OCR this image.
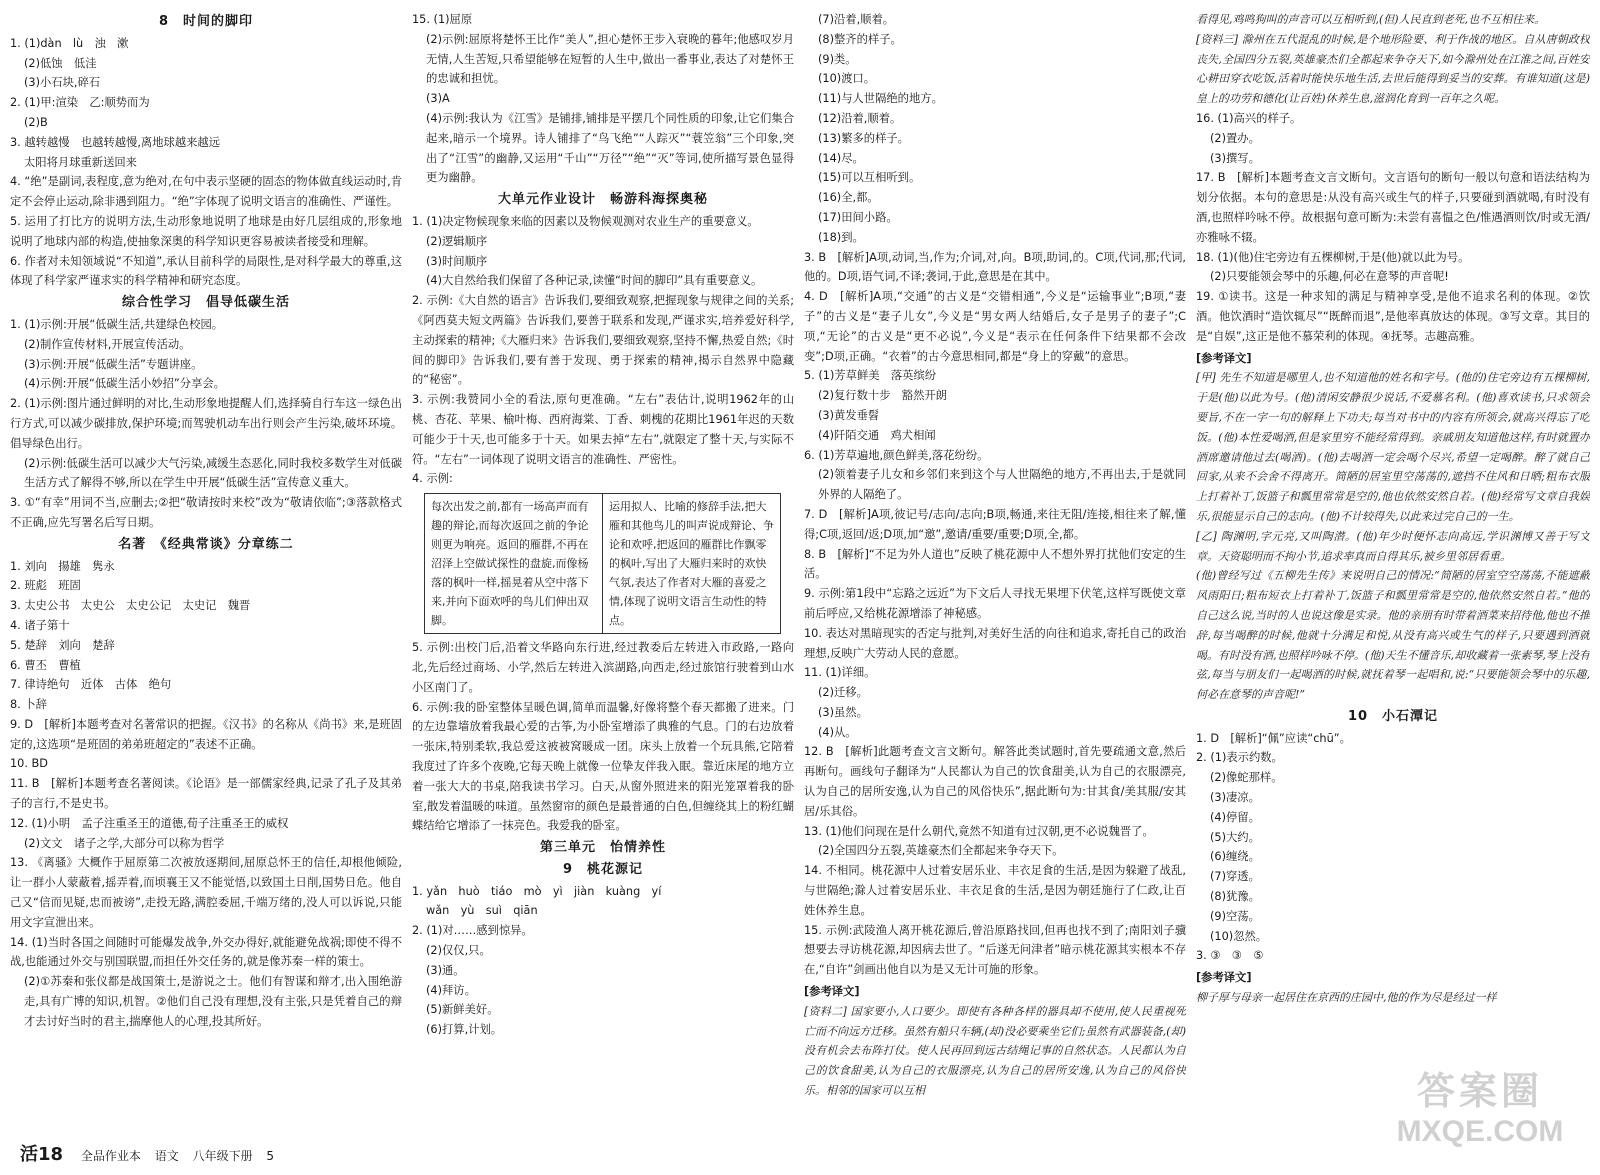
8　时间的脚印

1. (1)dàn　lù　浊　漱

(2)低蚀　低洼

(3)小石块,碎石

2. (1)甲:渲染　乙:顺势而为

(2)B

3. 越转越慢　也越转越慢,离地球越来越远

太阳将月球重新送回来

4. “绝”是副词,表程度,意为绝对,在句中表示坚硬的固态的物体做直线运动时,肯定不会停止运动,除非遇到阻力。“绝”字体现了说明文语言的准确性、严谨性。

5. 运用了打比方的说明方法,生动形象地说明了地球是由好几层组成的,形象地说明了地球内部的构造,使抽象深奥的科学知识更容易被读者接受和理解。

6. 作者对未知领域说“不知道”,承认目前科学的局限性,是对科学最大的尊重,这体现了科学家严谨求实的科学精神和研究态度。

综合性学习　倡导低碳生活

1. (1)示例:开展“低碳生活,共建绿色校园。

(2)制作宣传材料,开展宣传活动。

(3)示例:开展“低碳生活”专题讲座。

(4)示例:开展“低碳生活小妙招”分享会。

2. (1)示例:图片通过鲜明的对比,生动形象地提醒人们,选择骑自行车这一绿色出行方式,可以减少碳排放,保护环境;而驾驶机动车出行则会产生污染,破坏环境。倡导绿色出行。

(2)示例:低碳生活可以减少大气污染,减缓生态恶化,同时我校多数学生对低碳生活方式了解得不够,所以在学生中开展“低碳生活”宣传意义重大。

3. ①“有幸”用词不当,应删去;②把“敬请按时来校”改为“敬请依临”;③落款格式不正确,应先写署名后写日期。

名著　《经典常谈》分章练二

1. 刘向　揚雄　隽永

2. 班彪　班固

3. 太史公书　太史公　太史公记　太史记　魏晋

4. 诸子第十

5. 楚辞　刘向　楚辞

6. 曹丕　曹植

7. 律诗绝句　近体　古体　绝句

8. 卜辞

9. D　[解析]本题考查对名著常识的把握。《汉书》的名称从《尚书》来,是班固定的,这选项“是班固的弟弟班超定的”表述不正确。

10. BD

11. B　[解析]本题考查名著阅读。《论语》是一部儒家经典,记录了孔子及其弟子的言行,不是史书。

12. (1)小明　孟子注重圣王的道德,荀子注重圣王的威权

(2)文文　诸子之学,大部分可以称为哲学

13. 《离骚》大概作于屈原第二次被放逐期间,屈原总怀王的信任,却根他倾险,让一群小人蒙蔽着,摇弄着,而顷襄王又不能觉悟,以致国土日削,国势日危。他自己又“信而见疑,忠而被谤”,走投无路,满腔委屈,千端万绪的,没人可以诉说,只能用文字宣泄出来。

14. (1)当时各国之间随时可能爆发战争,外交办得好,就能避免战祸;即使不得不战,也能通过外交与别国联盟,而担任外交任务的,就是像苏秦一样的策士。

(2)①苏秦和张仪都是战国策士,是游说之士。他们有智谋和辩才,出入围绝游走,具有广博的知识,机智。②他们自己没有理想,没有主张,只是凭着自己的辩才去讨好当时的君主,揣摩他人的心理,投其所好。

15. (1)屈原

(2)示例:屈原将楚怀王比作“美人”,担心楚怀王步入衰晚的暮年;他感叹岁月无情,人生苦短,只希望能够在短暂的人生中,做出一番事业,表达了对楚怀王的忠诚和担忧。

(3)A

(4)示例:我认为《江雪》是铺排,铺排是平摆几个同性质的印象,让它们集合起来,暗示一个境界。诗人铺排了“鸟飞绝”“人踪灭”“蓑笠翁”三个印象,突出了“江雪”的幽静,又运用“千山”“万径”“绝”“灭”等词,使所描写景色显得更为幽静。

大单元作业设计　畅游科海探奥秘

1. (1)决定物候现象来临的因素以及物候观测对农业生产的重要意义。

(2)逻辑顺序

(3)时间顺序

(4)大自然给我们保留了各种记录,读懂“时间的脚印”具有重要意义。

2. 示例:《大自然的语言》告诉我们,要细致观察,把握现象与规律之间的关系;《阿西莫夫短文两篇》告诉我们,要善于联系和发现,严谨求实,培养爱好科学,主动探索的精神;《大雁归来》告诉我们,要细致观察,坚持不懈,热爱自然;《时间的脚印》告诉我们,要有善于发现、勇于探索的精神,揭示自然界中隐藏的“秘密”。

3. 示例:我赞同小全的看法,原句更准确。“左右”表估计,说明1962年的山桃、杏花、苹果、榆叶梅、西府海棠、丁香、刺槐的花期比1961年迟的天数可能少于十天,也可能多于十天。如果去掉“左右”,就限定了整十天,与实际不符。“左右”一词体现了说明文语言的准确性、严密性。

4. 示例:

每次出发之前,都有一场高声而有趣的辩论,而每次返回之前的争论则更为响亮。返回的雁群,不再在沼泽上空做试探性的盘旋,而像杨落的枫叶一样,摇晃着从空中落下来,并向下面欢呼的鸟儿们伸出双脚。
运用拟人、比喻的修辞手法,把大雁和其他鸟儿的叫声说成辩论、争论和欢呼,把返回的雁群比作飘零的枫叶,写出了大雁归来时的欢快气氛,表达了作者对大雁的喜爱之情,体现了说明文语言生动性的特点。

5. 示例:出校门后,沿着文华路向东行进,经过教委后左转进入市政路,一路向北,先后经过商场、小学,然后左转进入滨湖路,向西走,经过旅馆行驶着到山水小区南门了。

6. 示例:我的卧室整体呈暖色调,简单而温馨,好像将整个春天都搬了进来。门的左边靠墙放着我最心爱的古筝,为小卧室增添了典雅的气息。门的右边放着一张床,特别柔软,我总爱这被被窝暖成一团。床头上放着一个玩具熊,它陪着我度过了许多个夜晚,它每天晚上就像一位挚友伴我入眠。靠近床尾的地方立着一张大大的书桌,陪我读书学习。白天,从窗外照进来的阳光笼罩着我的卧室,散发着温暖的味道。虽然窗帘的颜色是最普通的白色,但缠绕其上的粉红蝴蝶结给它增添了一抹亮色。我爱我的卧室。

第三单元　怡情养性
9　桃花源记

1. yǎn　huò　tiáo　mò　yì　jiàn　kuàng　yí

wǎn　yù　suì　qiān

2. (1)对……感到惊异。

(2)仅仅,只。

(3)通。

(4)拜访。

(5)新鲜美好。

(6)打算,计划。

(7)沿着,顺着。

(8)整齐的样子。

(9)类。

(10)渡口。

(11)与人世隔绝的地方。

(12)沿着,顺着。

(13)繁多的样子。

(14)尽。

(15)可以互相听到。

(16)全,都。

(17)田间小路。

(18)到。

3. B　[解析]A项,动词,当,作为;介词,对,向。B项,助词,的。C项,代词,那;代词,他的。D项,语气词,不译;袭词,于此,意思是在其中。

4. D　[解析]A项,“交通”的古义是“交错相通”,今义是“运输事业”;B项,“妻子”的古义是“妻子儿女”,今义是“男女两人结婚后,女子是男子的妻子”;C项,“无论”的古义是“更不必说”,今义是“表示在任何条件下结果都不会改变”;D项,正确。“衣着”的古今意思相同,都是“身上的穿戴”的意思。

5. (1)芳草鲜美　落英缤纷

(2)复行数十步　豁然开朗

(3)黄发垂髫

(4)阡陌交通　鸡犬相闻

6. (1)芳草遍地,颜色鲜美,落花纷纷。

(2)领着妻子儿女和乡邻们来到这个与人世隔绝的地方,不再出去,于是就同外界的人隔绝了。

7. D　[解析]A项,彼记号/志向/志向;B项,畅通,来往无阻/连接,相往来了解,懂得;C项,返回/返;D项,加“邀”,邀请/重要/重要;D项,全,都。

8. B　[解析]“不足为外人道也”反映了桃花源中人不想外界打扰他们安定的生活。

9. 示例:第1段中“忘路之远近”为下文后人寻找无果埋下伏笔,这样写既使文章前后呼应,又给桃花源增添了神秘感。

10. 表达对黑暗现实的否定与批判,对美好生活的向往和追求,寄托自己的政治理想,反映广大劳动人民的意愿。

11. (1)详细。

(2)迁移。

(3)虽然。

(4)从。

12. B　[解析]此题考查文言文断句。解答此类试题时,首先要疏通文意,然后再断句。画线句子翻译为“人民都认为自己的饮食甜美,认为自己的衣服漂亮,认为自己的居所安逸,认为自己的风俗快乐”,据此断句为:甘其食/美其服/安其居/乐其俗。

13. (1)他们问现在是什么朝代,竟然不知道有过汉朝,更不必说魏晋了。

(2)全国四分五裂,英雄豪杰们全都起来争夺天下。

14. 不相同。桃花源中人过着安居乐业、丰衣足食的生活,是因为躲避了战乱,与世隔绝;滁人过着安居乐业、丰衣足食的生活,是因为朝廷施行了仁政,让百姓休养生息。

15. 示例:武陵渔人离开桃花源后,曾沿原路找回,但再也找不到了;南阳刘子骥想要去寻访桃花源,却因病去世了。“后遂无问津者”暗示桃花源其实根本不存在,“自许”剑画出他自以为是又无计可施的形象。

[参考译文]

[资料二] 国家要小,人口要少。即使有各种各样的器具却不使用,使人民重视死亡而不向远方迁移。虽然有船只车辆,(却)没必要乘坐它们;虽然有武器装备,(却)没有机会去布阵打仗。使人民再回到远古结绳记事的自然状态。人民都认为自己的饮食甜美,认为自己的衣服漂亮,认为自己的居所安逸,认为自己的风俗快乐。相邻的国家可以互相

看得见,鸡鸣狗叫的声音可以互相听到,(但)人民直到老死,也不互相往来。

[资料三] 滁州在五代混乱的时候,是个地形险要、利于作战的地区。自从唐朝政权丧失,全国四分五裂,英雄豪杰们全都起来争夺天下,如今滁州处在江淮之间,百姓安心耕田穿衣吃饭,活着时能快乐地生活,去世后能得到妥当的安葬。有谁知道(这是)皇上的功劳和德化(让百姓)休养生息,滋润化育到一百年之久呢。

16. (1)高兴的样子。

(2)置办。

(3)撰写。

17. B　[解析]本题考查文言文断句。文言语句的断句一般以句意和语法结构为划分依据。本句的意思是:从没有高兴或生气的样子,只要碰到酒就喝,有时没有酒,也照样吟咏不停。故根据句意可断为:未尝有喜愠之色/惟遇酒则饮/时或无酒/亦雅咏不辍。

18. (1)(他)住宅旁边有五棵柳树,于是(他)就以此为号。

(2)只要能领会琴中的乐趣,何必在意琴的声音呢!

19. ①读书。这是一种求知的满足与精神享受,是他不追求名利的体现。②饮酒。他饮酒时“造饮辄尽”“既醉而退”,是他率真放达的体现。③写文章。其目的是“自娱”,这正是他不慕荣利的体现。④抚琴。志趣高雅。

[参考译文]

[甲] 先生不知道是哪里人,也不知道他的姓名和字号。(他的)住宅旁边有五棵柳树,于是(他)以此为号。(他)清闲安静很少说话,不爱慕名利。(他)喜欢读书,只求领会要旨,不在一字一句的解释上下功夫;每当对书中的内容有所领会,就高兴得忘了吃饭。(他)本性爱喝酒,但是家里穷不能经常得到。亲戚朋友知道他这样,有时就置办酒席邀请他过去(喝酒)。(他)去喝酒一定会喝个尽兴,希望一定喝醉。醉了就自己回家,从来不会舍不得离开。简陋的居室里空荡荡的,遮挡不住风和日晒;粗布衣服上打着补丁,饭篮子和瓢里常常是空的,他也依然安然自若。(他)经常写文章自我娱乐,很能显示自己的志向。(他)不计较得失,以此来过完自己的一生。

[乙] 陶渊明,字元亮,又叫陶潜。(他)年少时便怀志向高远,学识渊博又善于写文章。天资聪明而不拘小节,追求率真而自得其乐,被乡里邻居看重。

(他)曾经写过《五柳先生传》来说明自己的情况:“简陋的居室空空荡荡,不能遮蔽风雨阳日;粗布短衣上打着补丁,饭篮子和瓢里常常是空的,他依然安然自若。”他的自己这么说,当时的人也说这像是实录。他的亲朋有时带着酒菜来招待他,他也不推辞,每当喝醉的时候,他就十分满足和悦,从没有高兴或生气的样子,只要遇到酒就喝。有时没有酒,也照样吟咏不停。(他)天生不懂音乐,却收藏着一张素琴,琴上没有弦,每当与朋友们一起喝酒的时候,就抚着琴一起唱和,说:“只要能领会琴中的乐趣,何必在意琴的声音呢!”

10　小石潭记

1. D　[解析]“佩”应读“chū”。

2. (1)表示约数。

(2)像蛇那样。

(3)凄凉。

(4)停留。

(5)大约。

(6)缠绕。

(7)穿透。

(8)犹豫。

(9)空荡。

(10)忽然。

3. ③　③　⑤

[参考译文]

柳子厚与母亲一起居住在京西的庄园中,他的作为尽是经过一样

活18 全品作业本 语文 八年级下册 5
答案圈
MXQE.COM
